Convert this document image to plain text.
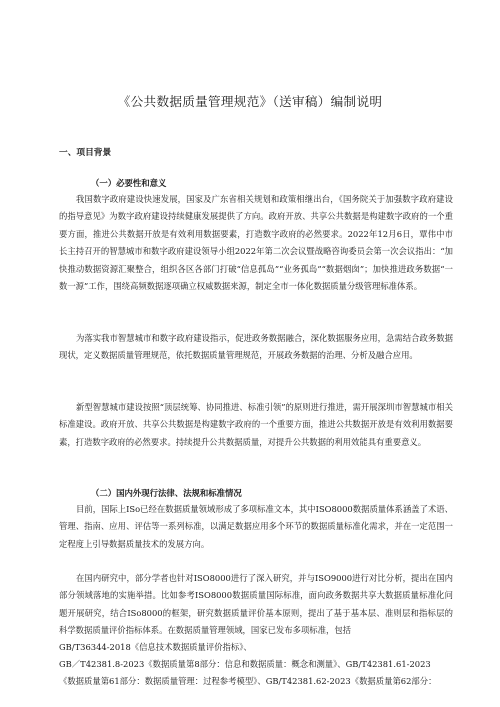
《公共数据质量管理规范》（送审稿）编制说明
一、项目背景
（一）必要性和意义

我国数字政府建设快速发展，国家及广东省相关规划和政策相继出台，《国务院关于加强数字政府建设的指导意见》为数字政府建设持续健康发展提供了方向。政府开放、共享公共数据是构建数字政府的一个重要方面，推进公共数据开放是有效利用数据要素，打造数字政府的必然要求。2022年12月6日，覃伟中市长主持召开的智慧城市和数字政府建设领导小组2022年第二次会议暨战略咨询委员会第一次会议指出：“加快推动数据资源汇聚整合，组织各区各部门打破“信息孤岛”“业务孤岛”“数据烟囱”；加快推进政务数据“一数一源”工作，围绕高频数据逐项确立权威数据来源，制定全市一体化数据质量分级管理标准体系。

为落实我市智慧城市和数字政府建设指示，促进政务数据融合，深化数据服务应用，急需结合政务数据现状，定义数据质量管理规范，依托数据质量管理规范，开展政务数据的治理、分析及融合应用。

新型智慧城市建设按照“顶层统筹、协同推进、标准引领”的原则进行推进，需开展深圳市智慧城市相关标准建设。政府开放、共享公共数据是构建数字政府的一个重要方面，推进公共数据开放是有效利用数据要素，打造数字政府的必然要求。持续提升公共数据质量，对提升公共数据的利用效能具有重要意义。

（二）国内外现行法律、法规和标准情况

目前，国际上ISo已经在数据质量领域形成了多项标准文本，其中ISO8000数据质量体系涵盖了术语、管理、指南、应用、评估等一系列标准，以满足数据应用多个环节的数据质量标准化需求，并在一定范围一定程度上引导数据质量技术的发展方向。

在国内研究中，部分学者也针对ISO8000进行了深入研究，并与ISO9000进行对比分析，提出在国内部分领域落地的实施举措。比如参考ISO8000数据质量国际标准，面向政务数据共享大数据质量标准化问题开展研究，结合ISo8000的框架，研究数据质量评价基本原则，提出了基于基本层、准则层和指标层的科学数据质量评价指标体系。在数据质量管理领域，国家已发布多项标准，包括

GB/T36344-2018《信息技术数据质量评价指标》、

GB／T42381.8-2023《数据质量第8部分：信息和数据质量：概念和测量》、GB/T42381.61-2023

《数据质量第61部分：数据质量管理：过程参考模型》、GB/T42381.62-2023《数据质量第62部分：
